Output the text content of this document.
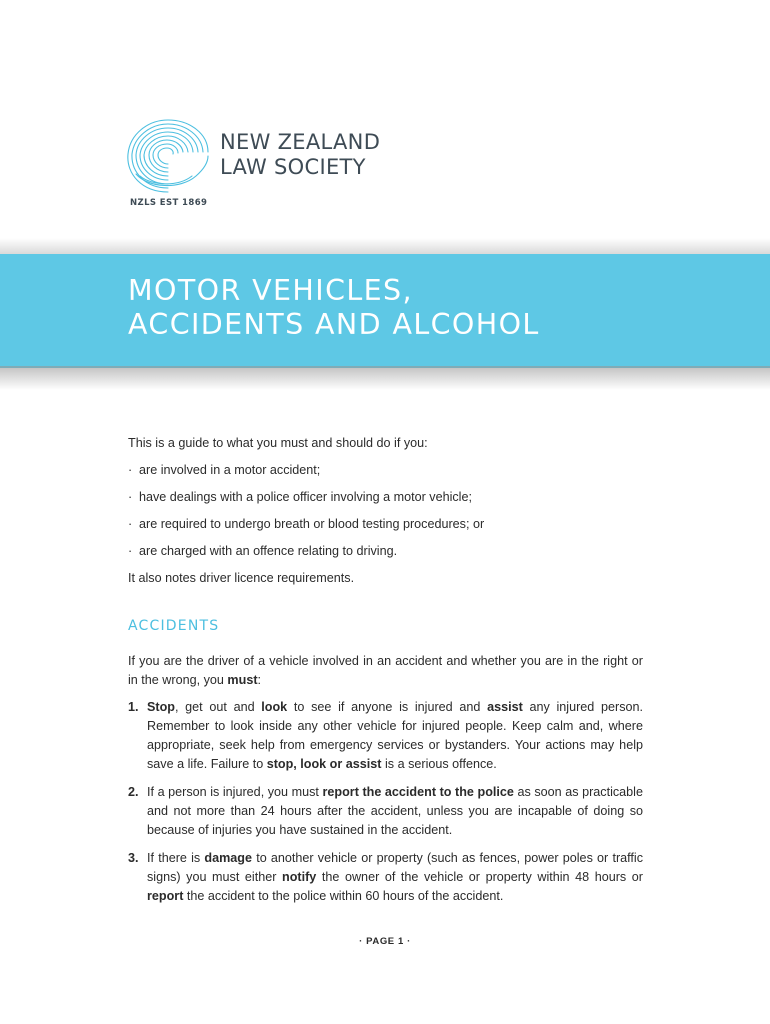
NEW ZEALAND
LAW SOCIETY
NZLS EST 1869
MOTOR VEHICLES,
ACCIDENTS AND ALCOHOL

This is a guide to what you must and should do if you:

· are involved in a motor accident;
· have dealings with a police officer involving a motor vehicle;
· are required to undergo breath or blood testing procedures; or
· are charged with an offence relating to driving.

It also notes driver licence requirements.

ACCIDENTS

If you are the driver of a vehicle involved in an accident and whether you are in the right or in the wrong, you must:

1. Stop, get out and look to see if anyone is injured and assist any injured person. Remember to look inside any other vehicle for injured people. Keep calm and, where appropriate, seek help from emergency services or bystanders. Your actions may help save a life. Failure to stop, look or assist is a serious offence.
2. If a person is injured, you must report the accident to the police as soon as practicable and not more than 24 hours after the accident, unless you are incapable of doing so because of injuries you have sustained in the accident.
3. If there is damage to another vehicle or property (such as fences, power poles or traffic signs) you must either notify the owner of the vehicle or property within 48 hours or report the accident to the police within 60 hours of the accident.
· PAGE 1 ·
